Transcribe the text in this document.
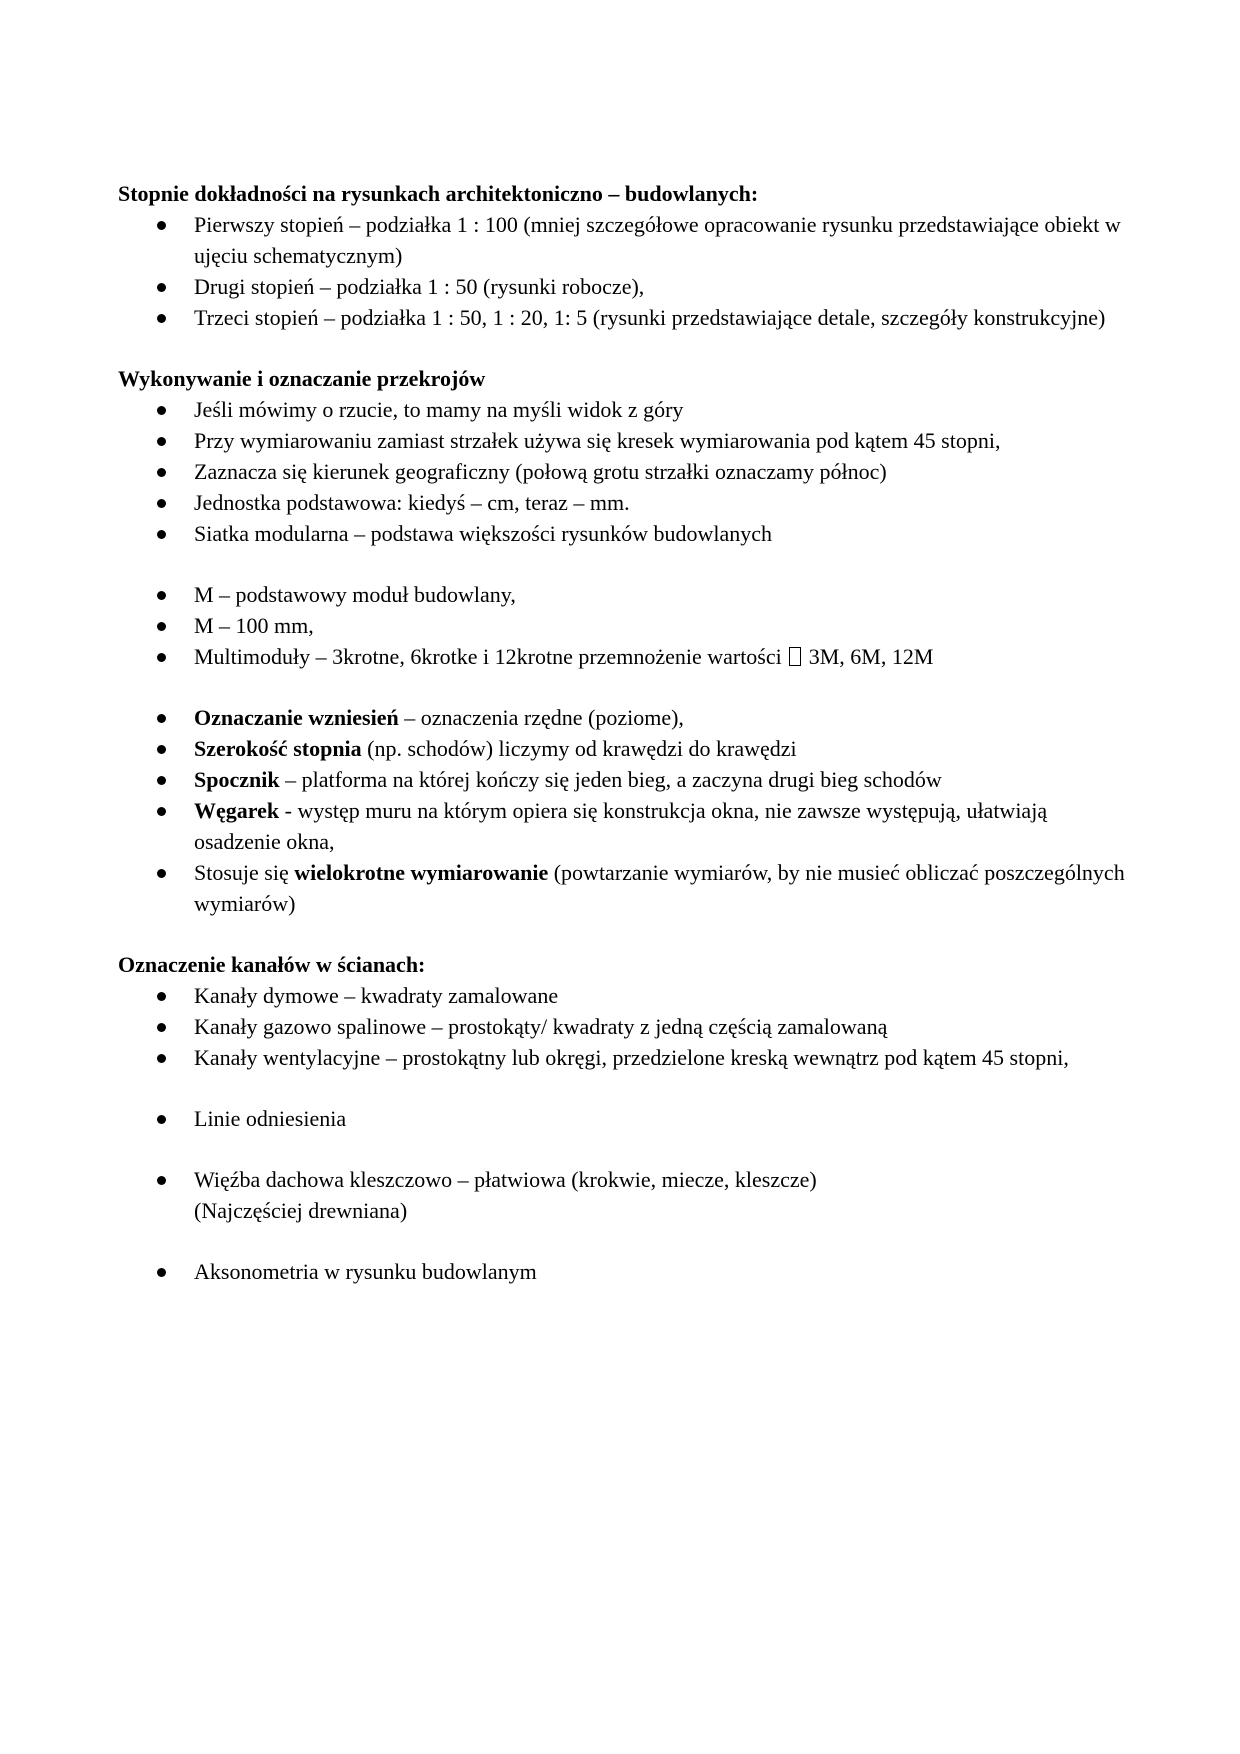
Stopnie dokładności na rysunkach architektoniczno – budowlanych:

Pierwszy stopień – podziałka 1 : 100 (mniej szczegółowe opracowanie rysunku przedstawiające obiekt w ujęciu schematycznym)
Drugi stopień – podziałka 1 : 50 (rysunki robocze),
Trzeci stopień – podziałka 1 : 50, 1 : 20, 1: 5 (rysunki przedstawiające detale, szczegóły konstrukcyjne)

Wykonywanie i oznaczanie przekrojów

Jeśli mówimy o rzucie, to mamy na myśli widok z góry
Przy wymiarowaniu zamiast strzałek używa się kresek wymiarowania pod kątem 45 stopni,
Zaznacza się kierunek geograficzny (połową grotu strzałki oznaczamy północ)
Jednostka podstawowa: kiedyś – cm, teraz – mm.
Siatka modularna – podstawa większości rysunków budowlanych
M – podstawowy moduł budowlany,
M – 100 mm,
Multimoduły – 3krotne, 6krotke i 12krotne przemnożenie wartości 3M, 6M, 12M
Oznaczanie wzniesień – oznaczenia rzędne (poziome),
Szerokość stopnia (np. schodów) liczymy od krawędzi do krawędzi
Spocznik – platforma na której kończy się jeden bieg, a zaczyna drugi bieg schodów
Węgarek - występ muru na którym opiera się konstrukcja okna, nie zawsze występują, ułatwiają osadzenie okna,
Stosuje się wielokrotne wymiarowanie (powtarzanie wymiarów, by nie musieć obliczać poszczególnych wymiarów)

Oznaczenie kanałów w ścianach:

Kanały dymowe – kwadraty zamalowane
Kanały gazowo spalinowe – prostokąty/ kwadraty z jedną częścią zamalowaną
Kanały wentylacyjne – prostokątny lub okręgi, przedzielone kreską wewnątrz pod kątem 45 stopni,
Linie odniesienia
Więźba dachowa kleszczowo – płatwiowa (krokwie, miecze, kleszcze)
(Najczęściej drewniana)
Aksonometria w rysunku budowlanym
